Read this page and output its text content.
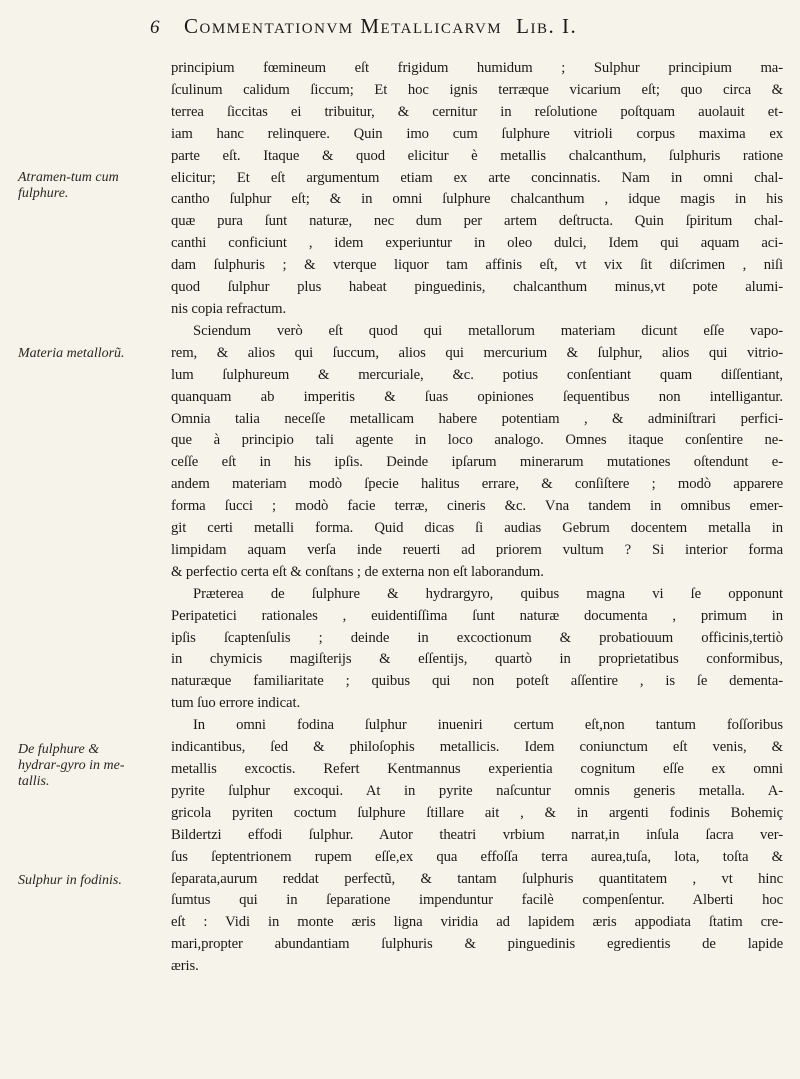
6	Commentationvm Metallicarvm Lib. I.
Atramen-tum cum fulphure.
Materia metallorũ.
De fulphure & hydrar-gyro in me-tallis.
Sulphur in fodinis.
principium fœmineum eſt frigidum humidum ; Sulphur principium ma-
ſculinum calidum ſiccum; Et hoc ignis terræque vicarium eſt; quo circa &
terrea ſiccitas ei tribuitur, & cernitur in reſolutione poſtquam auolauit et-
iam hanc relinquere. Quin imo cum ſulphure vitrioli corpus maxima ex
parte eſt. Itaque & quod elicitur è metallis chalcanthum, ſulphuris ratione
elicitur; Et eſt argumentum etiam ex arte concinnatis. Nam in omni chal-
cantho ſulphur eſt; & in omni ſulphure chalcanthum , idque magis in his
quæ pura ſunt naturæ, nec dum per artem deſtructa. Quin ſpiritum chal-
canthi conficiunt , idem experiuntur in oleo dulci, Idem qui aquam aci-
dam ſulphuris ; & vterque liquor tam affinis eſt, vt vix ſit diſcrimen , niſi
quod ſulphur plus habeat pinguedinis, chalcanthum minus,vt pote alumi-
nis copia refractum.
Sciendum verò eſt quod qui metallorum materiam dicunt eſſe vapo-
rem, & alios qui ſuccum, alios qui mercurium & ſulphur, alios qui vitrio-
lum ſulphureum & mercuriale, &c. potius conſentiant quam diſſentiant,
quanquam ab imperitis & ſuas opiniones ſequentibus non intelligantur.
Omnia talia neceſſe metallicam habere potentiam , & adminiſtrari perfici-
que à principio tali agente in loco analogo. Omnes itaque conſentire ne-
ceſſe eſt in his ipſis. Deinde ipſarum minerarum mutationes oſtendunt e-
andem materiam modò ſpecie halitus errare, & conſiſtere ; modò apparere
forma ſucci ; modò facie terræ, cineris &c. Vna tandem in omnibus emer-
git certi metalli forma. Quid dicas ſi audias Gebrum docentem metalla in
limpidam aquam verſa inde reuerti ad priorem vultum ? Si interior forma
& perfectio certa eſt & conſtans ; de externa non eſt laborandum.
Præterea de ſulphure & hydrargyro, quibus magna vi ſe opponunt
Peripatetici rationales , euidentiſſima ſunt naturæ documenta , primum in
ipſis ſcaptenſulis ; deinde in excoctionum & probatiouum officinis,tertiò
in chymicis magiſterijs & eſſentijs, quartò in proprietatibus conformibus,
naturæque familiaritate ; quibus qui non poteſt aſſentire , is ſe dementa-
tum ſuo errore indicat.
In omni fodina ſulphur inueniri certum eſt,non tantum foſſoribus
indicantibus, ſed & philoſophis metallicis. Idem coniunctum eſt venis, &
metallis excoctis. Refert Kentmannus experientia cognitum eſſe ex omni
pyrite ſulphur excoqui. At in pyrite naſcuntur omnis generis metalla. A-
gricola pyriten coctum ſulphure ſtillare ait , & in argenti fodinis Bohemiç
Bildertzi effodi ſulphur. Autor theatri vrbium narrat,in inſula ſacra ver-
ſus ſeptentrionem rupem eſſe,ex qua effoſſa terra aurea,tuſa, lota, toſta &
ſeparata,aurum reddat perfectũ, & tantam ſulphuris quantitatem , vt hinc
ſumtus qui in ſeparatione impenduntur facilè compenſentur. Alberti hoc
eſt : Vidi in monte æris ligna viridia ad lapidem æris appodiata ſtatim cre-
mari,propter abundantiam ſulphuris & pinguedinis egredientis de lapide
æris.
